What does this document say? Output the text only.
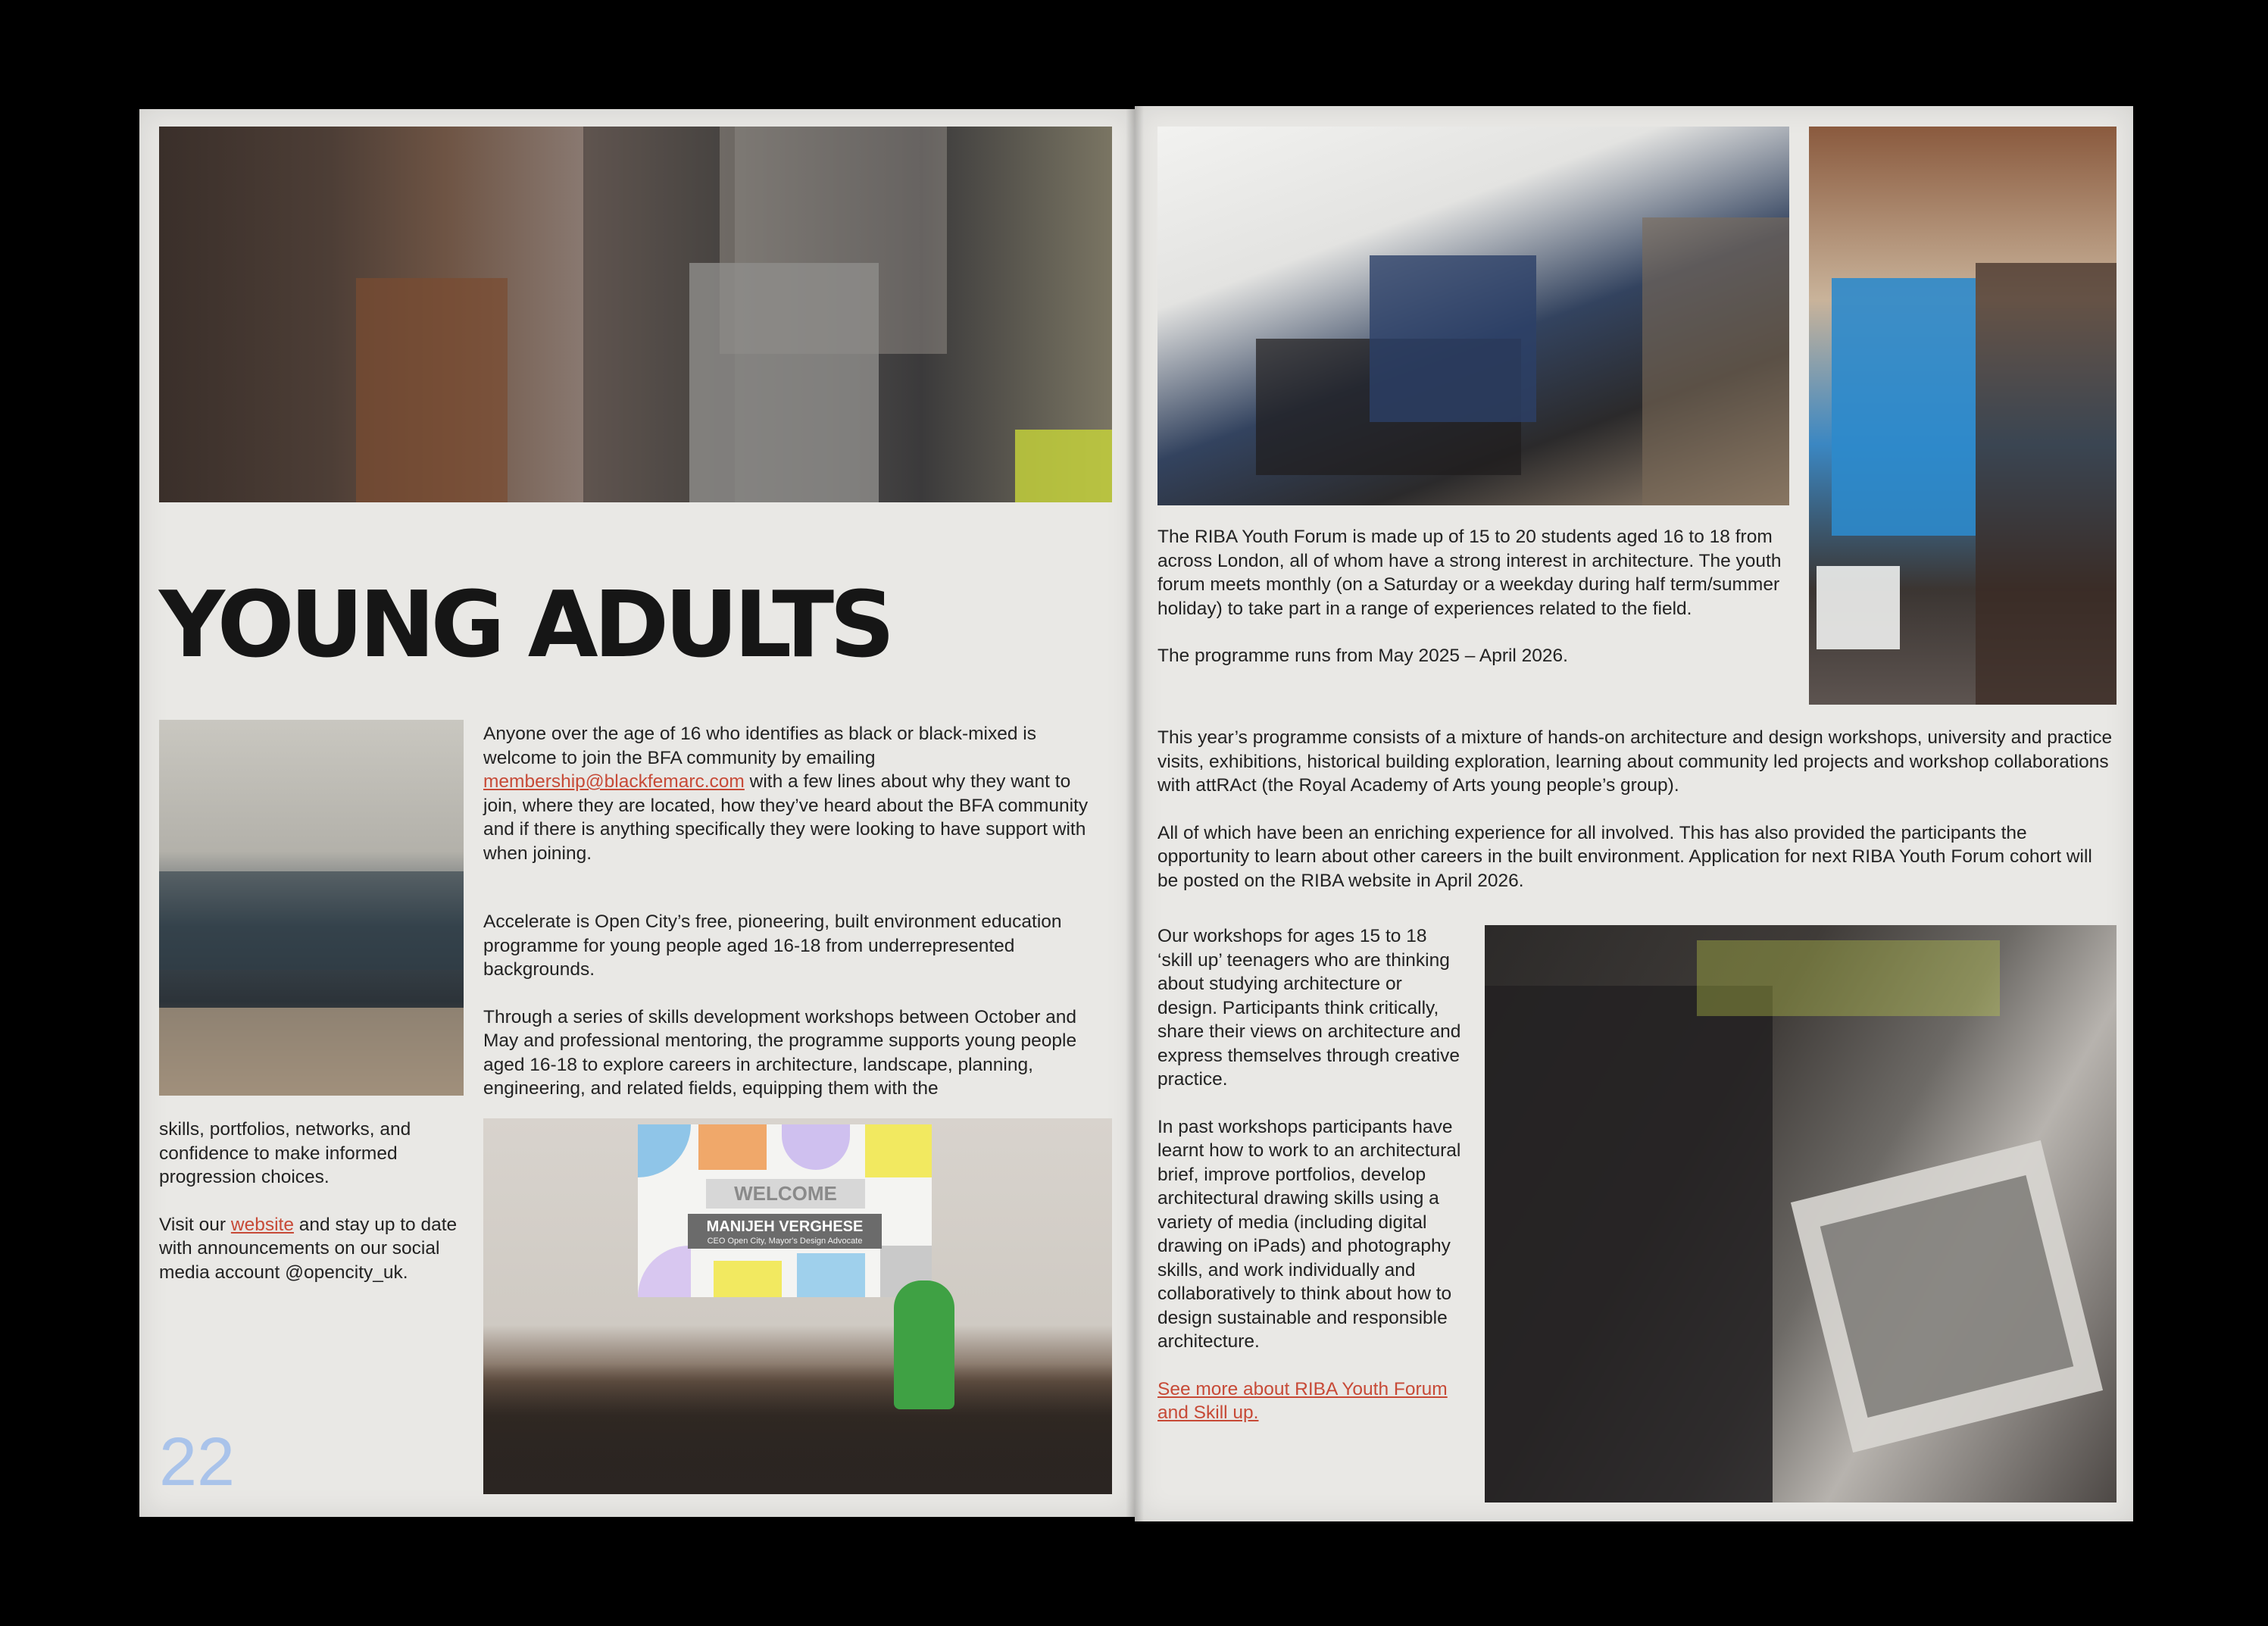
YOUNG ADULTS

Anyone over the age of 16 who identifies as black or black-mixed is welcome to join the BFA community by emailing membership@blackfemarc.com with a few lines about why they want to join, where they are located, how they’ve heard about the BFA community and if there is anything specifically they were looking to have support with when joining.

Accelerate is Open City’s free, pioneering, built environment education programme for young people aged 16-18 from underrepresented backgrounds.

Through a series of skills development workshops between October and May and professional mentoring, the programme supports young people aged 16-18 to explore careers in architecture, landscape, planning, engineering, and related fields, equipping them with the

skills, portfolios, networks, and confidence to make informed progression choices.

Visit our website and stay up to date with announcements on our social media account @opencity_uk.

WELCOME
MANIJEH VERGHESE
CEO Open City, Mayor's Design Advocate
22

The RIBA Youth Forum is made up of 15 to 20 students aged 16 to 18 from across London, all of whom have a strong interest in architecture. The youth forum meets monthly (on a Saturday or a weekday during half term/summer holiday) to take part in a range of experiences related to the field.

The programme runs from May 2025 – April 2026.

This year’s programme consists of a mixture of hands-on architecture and design workshops, university and practice visits, exhibitions, historical building exploration, learning about community led projects and workshop collaborations with attRAct (the Royal Academy of Arts young people’s group).

All of which have been an enriching experience for all involved. This has also provided the participants the opportunity to learn about other careers in the built environment. Application for next RIBA Youth Forum cohort will be posted on the RIBA website in April 2026.

Our workshops for ages 15 to 18 ‘skill up’ teenagers who are thinking about studying architecture or design. Participants think critically, share their views on architecture and express themselves through creative practice.

In past workshops participants have learnt how to work to an architectural brief, improve portfolios, develop architectural drawing skills using a variety of media (including digital drawing on iPads) and photography skills, and work individually and collaboratively to think about how to design sustainable and responsible architecture.

See more about RIBA Youth Forum and Skill up.
